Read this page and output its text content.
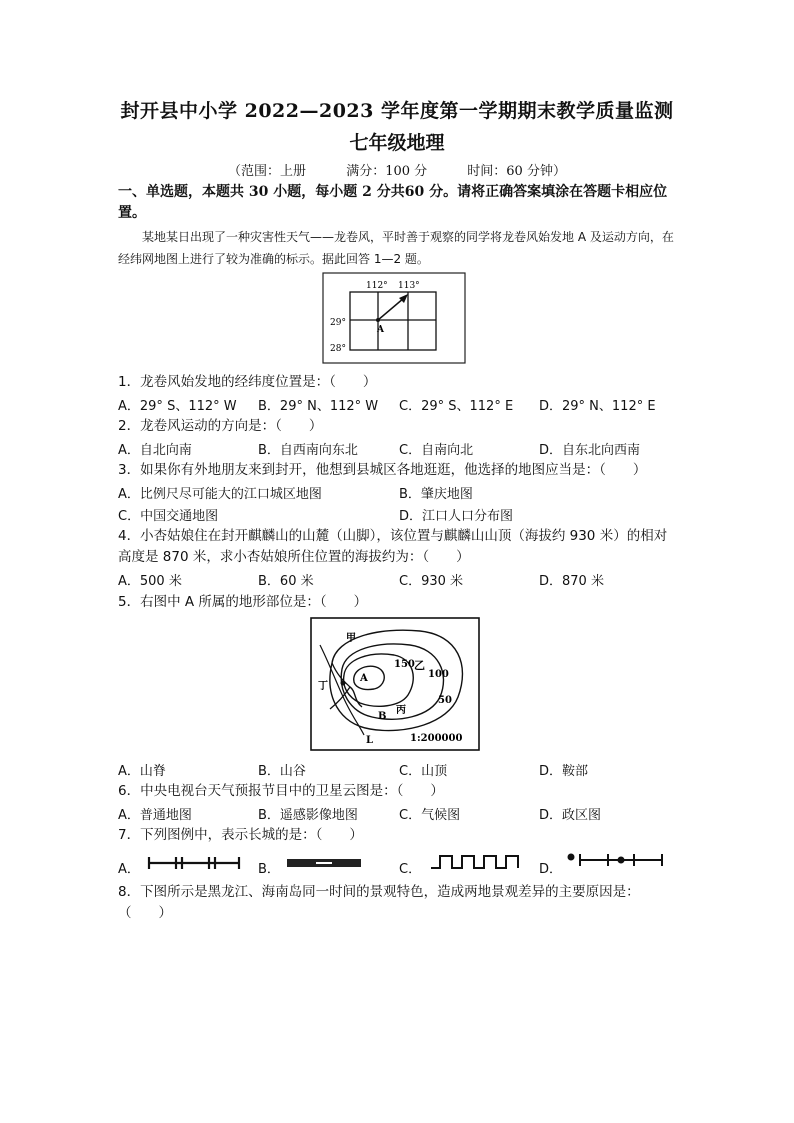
封开县中小学 2022—2023 学年度第一学期期末教学质量监测
七年级地理
（范围：上册	满分：100 分	时间：60 分钟）
一、单选题，本题共 30 小题，每小题 2 分共60 分。请将正确答案填涂在答题卡相应位置。
某地某日出现了一种灾害性天气——龙卷风，平时善于观察的同学将龙卷风始发地 A 及运动方向，在经纬网地图上进行了较为准确的标示。据此回答 1—2 题。
112° 113°
29°
28°
A
1．龙卷风始发地的经纬度位置是：（　　）
A．29° S、112° W B．29° N、112° W C．29° S、112° E D．29° N、112° E
2．龙卷风运动的方向是：（　　）
A．自北向南	B．自西南向东北	C．自南向北	D．自东北向西南
3．如果你有外地朋友来到封开，他想到县城区各地逛逛，他选择的地图应当是：（　　）
A．比例尺尽可能大的江口城区地图	B．肇庆地图
C．中国交通地图	D．江口人口分布图
4．小杏姑娘住在封开麒麟山的山麓（山脚），该位置与麒麟山山顶（海拔约 930 米）的相对高度是 870 米，求小杏姑娘所住位置的海拔约为：（　　）
A．500 米	B．60 米	C．930 米	D．870 米
5．右图中 A 所属的地形部位是：（　　）
甲
乙
丙
丁
A
B
L
150
100
50
1:200000
A．山脊	B．山谷	C．山顶	D．鞍部
6．中央电视台天气预报节目中的卫星云图是：（　　）
A．普通地图	B．遥感影像地图	C．气候图	D．政区图
7．下列图例中，表示长城的是：（　　）
A．	B．	C．	D．
8．下图所示是黑龙江、海南岛同一时间的景观特色，造成两地景观差异的主要原因是：（　　）
